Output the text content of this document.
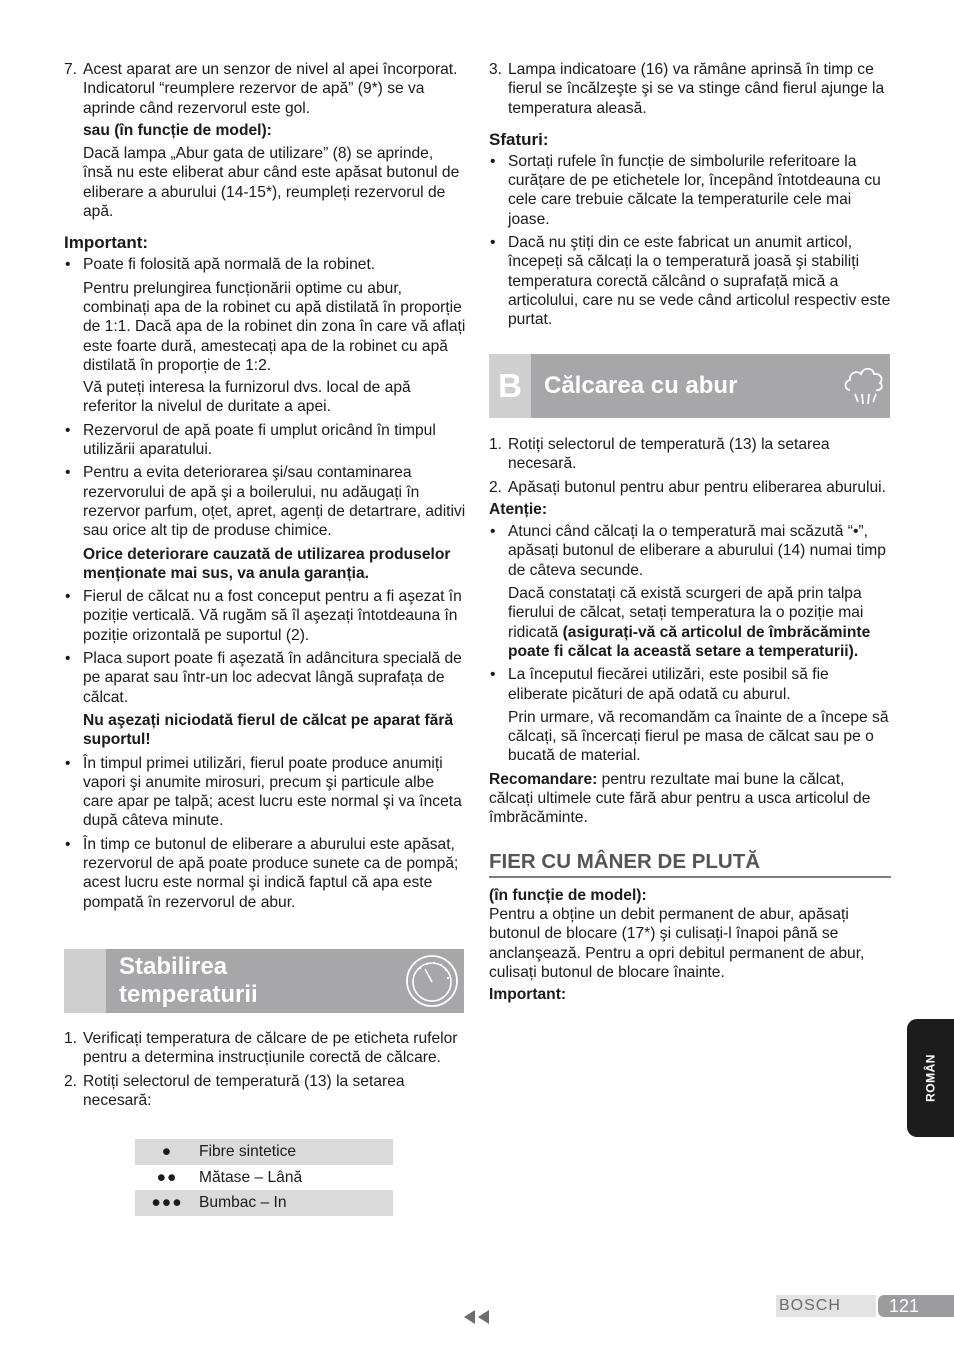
7. Acest aparat are un senzor de nivel al apei încorporat. Indicatorul “reumplere rezervor de apă” (9*) se va aprinde când rezervorul este gol.

sau (în funcție de model):

Dacă lampa „Abur gata de utilizare” (8) se aprinde, însă nu este eliberat abur când este apăsat butonul de eliberare a aburului (14-15*), reumpleți rezervorul de apă.

Important:
• Poate fi folosită apă normală de la robinet.

Pentru prelungirea funcționării optime cu abur, combinați apa de la robinet cu apă distilată în proporție de 1:1. Dacă apa de la robinet din zona în care vă aflați este foarte dură, amestecați apa de la robinet cu apă distilată în proporție de 1:2.

Vă puteți interesa la furnizorul dvs. local de apă referitor la nivelul de duritate a apei.

• Rezervorul de apă poate fi umplut oricând în timpul utilizării aparatului.

• Pentru a evita deteriorarea şi/sau contaminarea rezervorului de apă şi a boilerului, nu adăugați în rezervor parfum, oțet, apret, agenți de detartrare, aditivi sau orice alt tip de produse chimice.

Orice deteriorare cauzată de utilizarea produselor menționate mai sus, va anula garanția.

• Fierul de călcat nu a fost conceput pentru a fi aşezat în poziție verticală. Vă rugăm să îl aşezați întotdeauna în poziție orizontală pe suportul (2).

• Placa suport poate fi aşezată în adâncitura specială de pe aparat sau într-un loc adecvat lângă suprafața de călcat.

Nu aşezați niciodată fierul de călcat pe aparat fără suportul!

• În timpul primei utilizări, fierul poate produce anumiți vapori şi anumite mirosuri, precum şi particule albe care apar pe talpă; acest lucru este normal şi va înceta după câteva minute.

• În timp ce butonul de eliberare a aburului este apăsat, rezervorul de apă poate produce sunete ca de pompă; acest lucru este normal şi indică faptul că apa este pompată în rezervorul de abur.

Stabilirea
temperaturii
1. Verificați temperatura de călcare de pe eticheta rufelor pentru a determina instrucțiunile corectă de călcare.

2. Rotiți selectorul de temperatură (13) la setarea necesară:

●	Fibre sintetice
●●	Mătase – Lână
●●●	Bumbac – In
3. Lampa indicatoare (16) va rămâne aprinsă în timp ce fierul se încălzeşte şi se va stinge când fierul ajunge la temperatura aleasă.

Sfaturi:
• Sortați rufele în funcție de simbolurile referitoare la curățare de pe etichetele lor, începând întotdeauna cu cele care trebuie călcate la temperaturile cele mai joase.

• Dacă nu ştiți din ce este fabricat un anumit articol, începeți să călcați la o temperatură joasă şi stabiliți temperatura corectă călcând o suprafață mică a articolului, care nu se vede când articolul respectiv este purtat.

B Călcarea cu abur
1. Rotiți selectorul de temperatură (13) la setarea necesară.

2. Apăsați butonul pentru abur pentru eliberarea aburului.

Atenție:

• Atunci când călcați la o temperatură mai scăzută “•”, apăsați butonul de eliberare a aburului (14) numai timp de câteva secunde.

Dacă constatați că există scurgeri de apă prin talpa fierului de călcat, setați temperatura la o poziție mai ridicată (asigurați-vă că articolul de îmbrăcăminte poate fi călcat la această setare a temperaturii).

• La începutul fiecărei utilizări, este posibil să fie eliberate picături de apă odată cu aburul.

Prin urmare, vă recomandăm ca înainte de a începe să călcați, să încercați fierul pe masa de călcat sau pe o bucată de material.

Recomandare: pentru rezultate mai bune la călcat, călcați ultimele cute fără abur pentru a usca articolul de îmbrăcăminte.

FIER CU MÂNER DE PLUTĂ

(în funcție de model):

Pentru a obține un debit permanent de abur, apăsați butonul de blocare (17*) şi culisați-l înapoi până se anclanşează. Pentru a opri debitul permanent de abur, culisați butonul de blocare înainte.

Important:

ROMÂN
BOSCH	121
